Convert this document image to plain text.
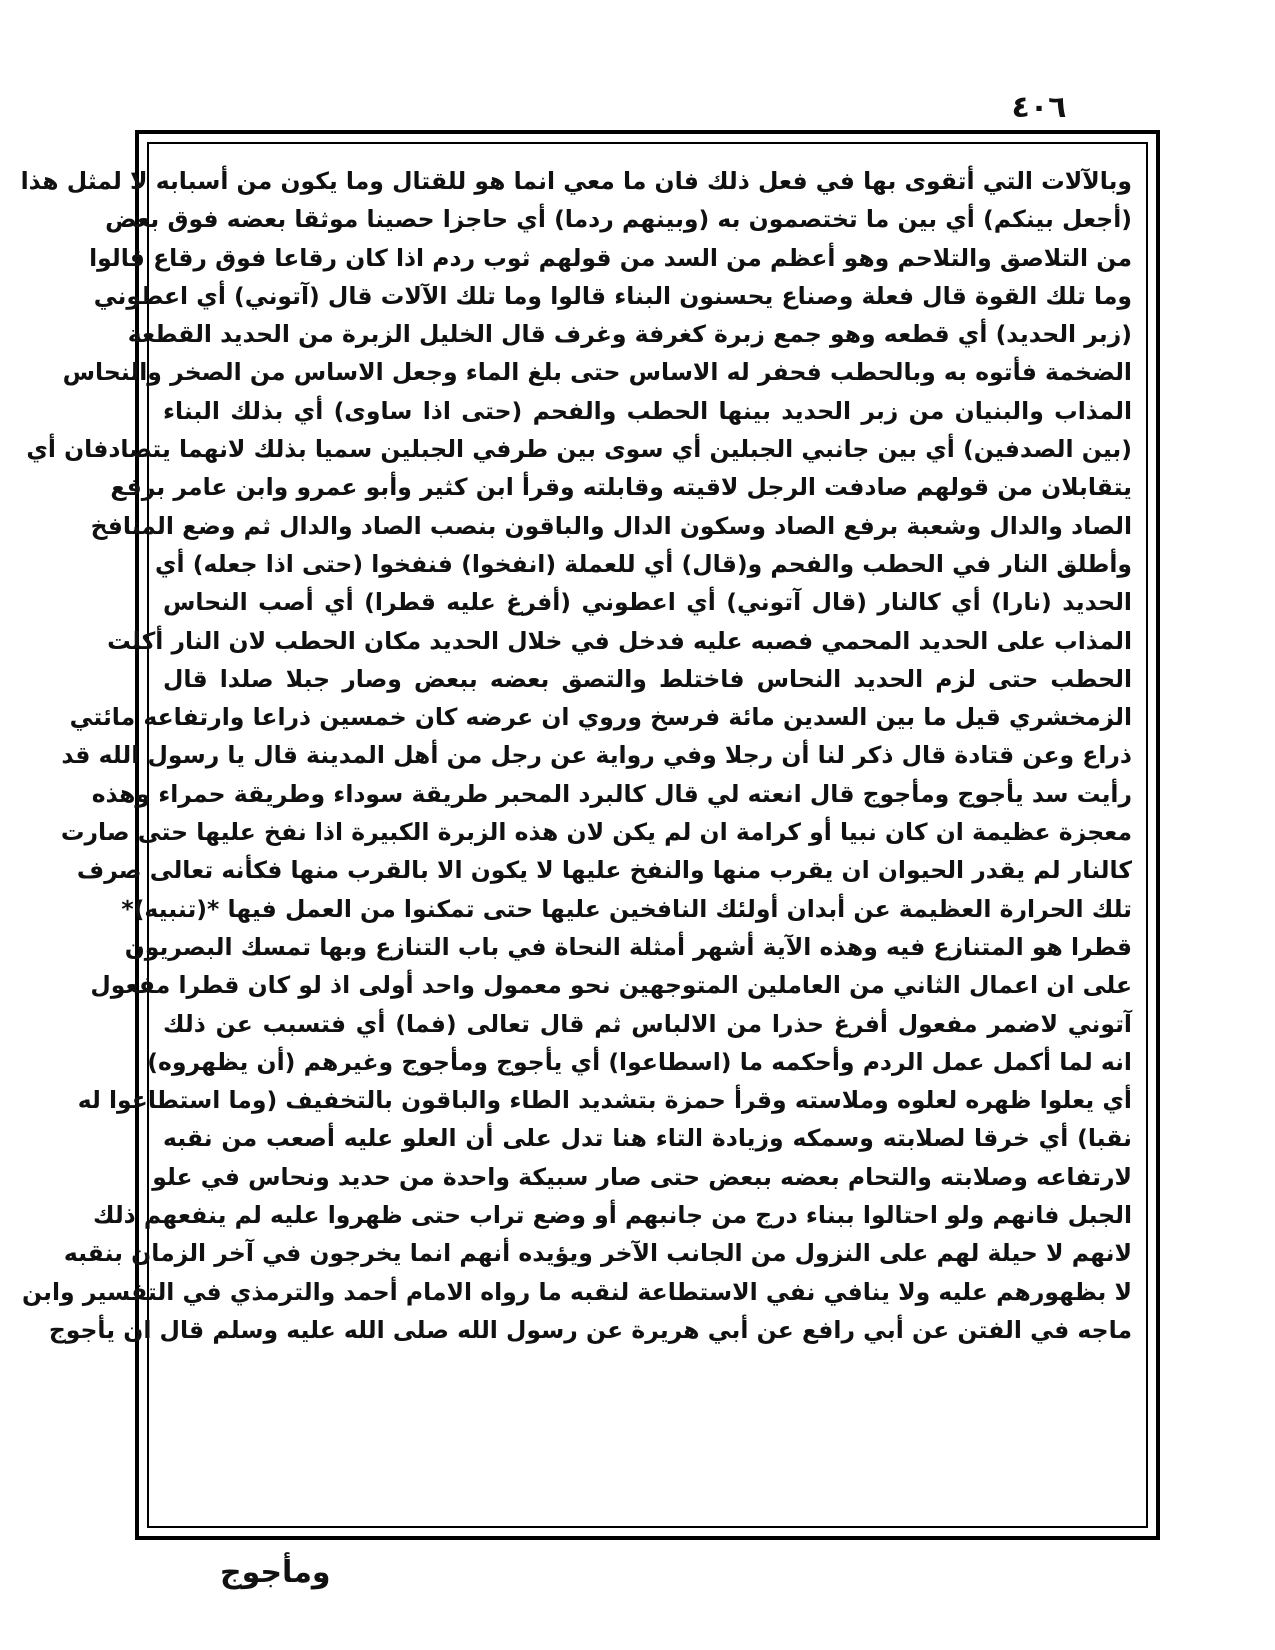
٤٠٦
وبالآلات التي أتقوى بها في فعل ذلك فان ما معي انما هو للقتال وما يكون من أسبابه لا لمثل هذا
(أجعل بينكم) أي بين ما تختصمون به (وبينهم ردما) أي حاجزا حصينا موثقا بعضه فوق بعض
من التلاصق والتلاحم وهو أعظم من السد من قولهم ثوب ردم اذا كان رقاعا فوق رقاع قالوا
وما تلك القوة قال فعلة وصناع يحسنون البناء قالوا وما تلك الآلات قال (آتوني) أي اعطوني
(زبر الحديد) أي قطعه وهو جمع زبرة كغرفة وغرف قال الخليل الزبرة من الحديد القطعة
الضخمة فأتوه به وبالحطب فحفر له الاساس حتى بلغ الماء وجعل الاساس من الصخر والنحاس
المذاب والبنيان من زبر الحديد بينها الحطب والفحم (حتى اذا ساوى) أي بذلك البناء
(بين الصدفين) أي بين جانبي الجبلين أي سوى بين طرفي الجبلين سميا بذلك لانهما يتصادفان أي
يتقابلان من قولهم صادفت الرجل لاقيته وقابلته وقرأ ابن كثير وأبو عمرو وابن عامر برفع
الصاد والدال وشعبة برفع الصاد وسكون الدال والباقون بنصب الصاد والدال ثم وضع المنافخ
وأطلق النار في الحطب والفحم و(قال) أي للعملة (انفخوا) فنفخوا (حتى اذا جعله) أي
الحديد (نارا) أي كالنار (قال آتوني) أي اعطوني (أفرغ عليه قطرا) أي أصب النحاس
المذاب على الحديد المحمي فصبه عليه فدخل في خلال الحديد مكان الحطب لان النار أكلت
الحطب حتى لزم الحديد النحاس فاختلط والتصق بعضه ببعض وصار جبلا صلدا قال
الزمخشري قيل ما بين السدين مائة فرسخ وروي ان عرضه كان خمسين ذراعا وارتفاعه مائتي
ذراع وعن قتادة قال ذكر لنا أن رجلا وفي رواية عن رجل من أهل المدينة قال يا رسول الله قد
رأيت سد يأجوج ومأجوج قال انعته لي قال كالبرد المحبر طريقة سوداء وطريقة حمراء وهذه
معجزة عظيمة ان كان نبيا أو كرامة ان لم يكن لان هذه الزبرة الكبيرة اذا نفخ عليها حتى صارت
كالنار لم يقدر الحيوان ان يقرب منها والنفخ عليها لا يكون الا بالقرب منها فكأنه تعالى صرف
تلك الحرارة العظيمة عن أبدان أولئك النافخين عليها حتى تمكنوا من العمل فيها *(تنبيه)*
قطرا هو المتنازع فيه وهذه الآية أشهر أمثلة النحاة في باب التنازع وبها تمسك البصريون
على ان اعمال الثاني من العاملين المتوجهين نحو معمول واحد أولى اذ لو كان قطرا مفعول
آتوني لاضمر مفعول أفرغ حذرا من الالباس ثم قال تعالى (فما) أي فتسبب عن ذلك
انه لما أكمل عمل الردم وأحكمه ما (اسطاعوا) أي يأجوج ومأجوج وغيرهم (أن يظهروه)
أي يعلوا ظهره لعلوه وملاسته وقرأ حمزة بتشديد الطاء والباقون بالتخفيف (وما استطاعوا له
نقبا) أي خرقا لصلابته وسمكه وزيادة التاء هنا تدل على أن العلو عليه أصعب من نقبه
لارتفاعه وصلابته والتحام بعضه ببعض حتى صار سبيكة واحدة من حديد ونحاس في علو
الجبل فانهم ولو احتالوا ببناء درج من جانبهم أو وضع تراب حتى ظهروا عليه لم ينفعهم ذلك
لانهم لا حيلة لهم على النزول من الجانب الآخر ويؤيده أنهم انما يخرجون في آخر الزمان بنقبه
لا بظهورهم عليه ولا ينافي نفي الاستطاعة لنقبه ما رواه الامام أحمد والترمذي في التفسير وابن
ماجه في الفتن عن أبي رافع عن أبي هريرة عن رسول الله صلى الله عليه وسلم قال ان يأجوج
ومأجوج
